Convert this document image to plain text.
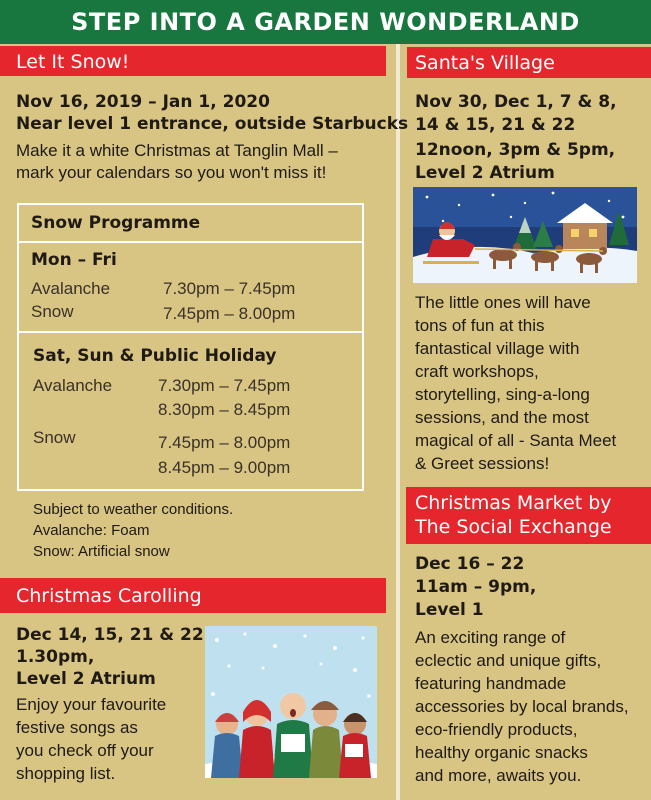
STEP INTO A GARDEN WONDERLAND
Let It Snow!
Nov 16, 2019 – Jan 1, 2020
Near level 1 entrance, outside Starbucks
Make it a white Christmas at Tanglin Mall –
mark your calendars so you won't miss it!
Snow Programme
Mon – Fri
Avalanche	7.30pm – 7.45pm
Snow	7.45pm – 8.00pm
Sat, Sun & Public Holiday
Avalanche	7.30pm – 7.45pm
8.30pm – 8.45pm
Snow	7.45pm – 8.00pm
8.45pm – 9.00pm
Subject to weather conditions.
Avalanche: Foam
Snow: Artificial snow
Christmas Carolling
Dec 14, 15, 21 & 22
1.30pm,
Level 2 Atrium
Enjoy your favourite
festive songs as
you check off your
shopping list.
Santa's Village
Nov 30, Dec 1, 7 & 8,
14 & 15, 21 & 22
12noon, 3pm & 5pm,
Level 2 Atrium
The little ones will have
tons of fun at this
fantastical village with
craft workshops,
storytelling, sing-a-long
sessions, and the most
magical of all - Santa Meet
& Greet sessions!
Christmas Market by
The Social Exchange
Dec 16 – 22
11am – 9pm,
Level 1
An exciting range of
eclectic and unique gifts,
featuring handmade
accessories by local brands,
eco-friendly products,
healthy organic snacks
and more, awaits you.
